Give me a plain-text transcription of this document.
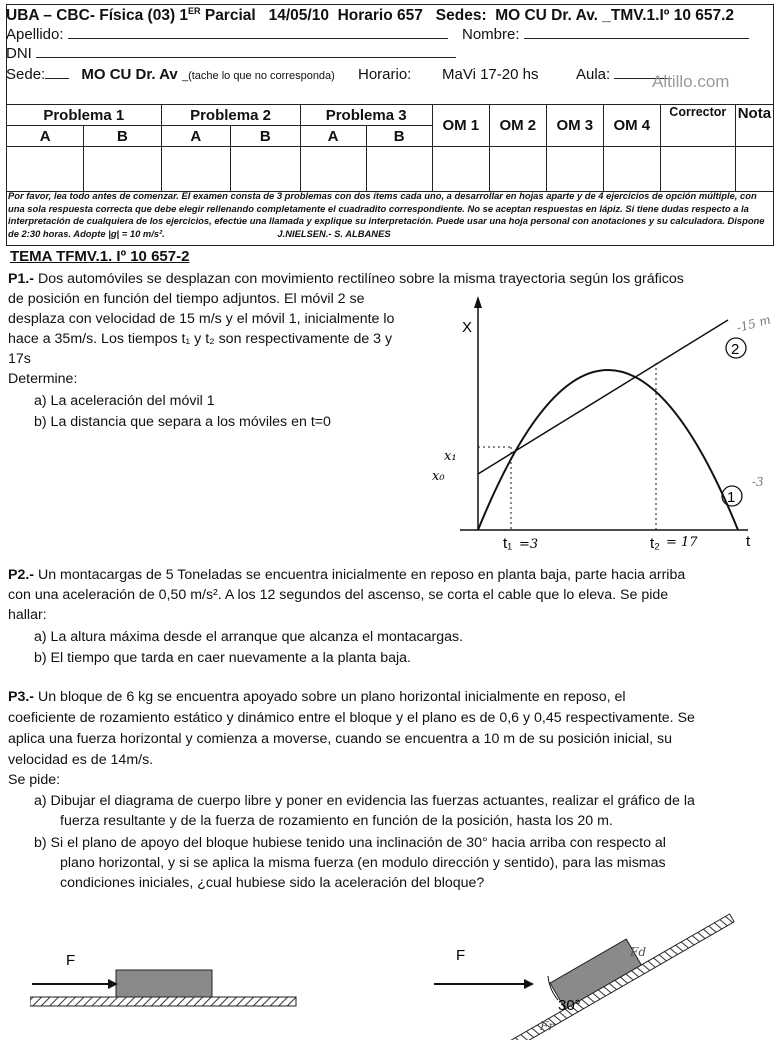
UBA – CBC- Física (03) 1ER Parcial   14/05/10  Horario 657   Sedes:  MO CU Dr. Av. _TMV.1.Iº 10 657.2
Apellido:	Nombre:
DNI
Sede: MO CU Dr. Av _(tache lo que no corresponda) Horario: MaVi 17-20 hs	Aula:	Altillo.com
Problema 1		Problema 2		Problema 3		OM 1	OM 2	OM 3	OM 4	Corrector	Nota
A	B	A	B	A	B						

Por favor, lea todo antes de comenzar. El examen consta de 3 problemas con dos ítems cada uno, a desarrollar en hojas aparte y de 4 ejercicios de opción múltiple, con una sola respuesta correcta que debe elegir rellenando completamente el cuadradito correspondiente. No se aceptan respuestas en lápiz. Si tiene dudas respecto a la interpretación de cualquiera de los ejercicios, efectúe una llamada y explique su interpretación. Puede usar una hoja personal con anotaciones y su calculadora. Dispone de 2:30 horas. Adopte |g| = 10 m/s².	J.NIELSEN.- S. ALBANES
TEMA TFMV.1. Iº 10 657-2
P1.- Dos automóviles se desplazan con movimiento rectilíneo sobre la misma trayectoria según los gráficos
de posición en función del tiempo adjuntos. El móvil 2 se
desplaza con velocidad de 15 m/s y el móvil 1, inicialmente lo
hace a 35m/s. Los tiempos t₁ y t₂ son respectivamente de 3 y
17s
Determine:
a) La aceleración del móvil 1
b) La distancia que separa a los móviles en t=0
X
t
2
1
t₁ =3	t₂ = 17
x₁
x₀
-15 m
-3
P2.- Un montacargas de 5 Toneladas se encuentra inicialmente en reposo en planta baja, parte hacia arriba
con una aceleración de 0,50 m/s². A los 12 segundos del ascenso, se corta el cable que lo eleva. Se pide
hallar:
a) La altura máxima desde el arranque que alcanza el montacargas.
b) El tiempo que tarda en caer nuevamente a la planta baja.
P3.- Un bloque de 6 kg se encuentra apoyado sobre un plano horizontal inicialmente en reposo, el
coeficiente de rozamiento estático y dinámico entre el bloque y el plano es de 0,6 y 0,45 respectivamente. Se
aplica una fuerza horizontal y comienza a moverse, cuando se encuentra a 10 m de su posición inicial, su
velocidad es de 14m/s.
Se pide:
a) Dibujar el diagrama de cuerpo libre y poner en evidencia las fuerzas actuantes, realizar el gráfico de la
fuerza resultante y de la fuerza de rozamiento en función de la posición, hasta los 20 m.
b) Si el plano de apoyo del bloque hubiese tenido una inclinación de 30° hacia arriba con respecto al
plano horizontal, y si se aplica la misma fuerza (en modulo dirección y sentido), para las mismas
condiciones iniciales, ¿cual hubiese sido la aceleración del bloque?
F
30°
F	Fd
Fr
